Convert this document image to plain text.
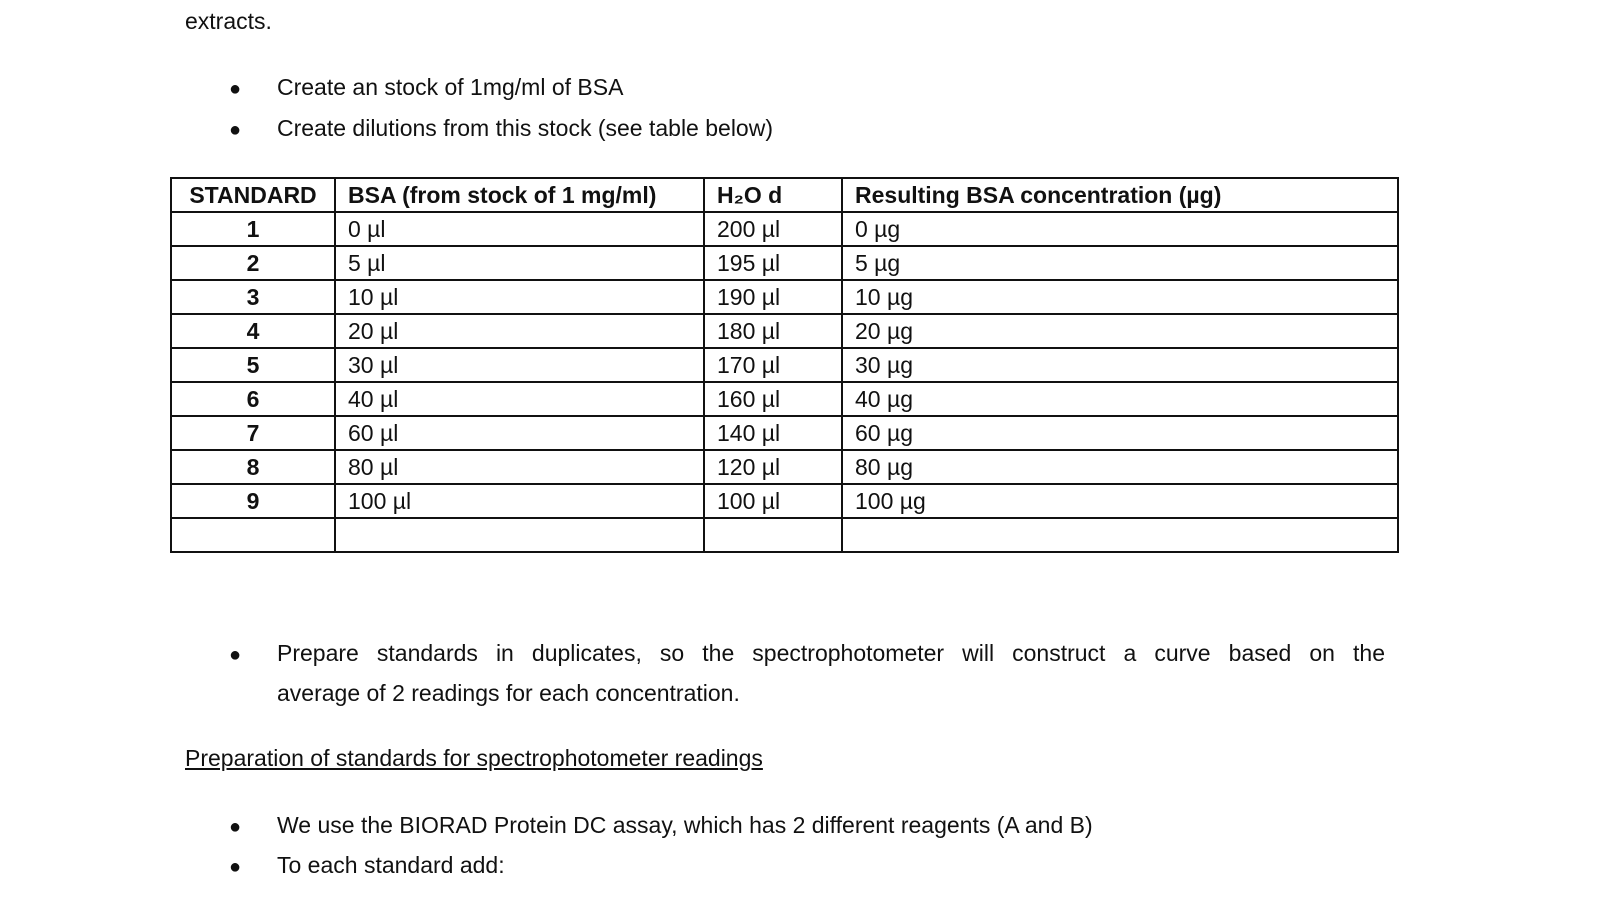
extracts.
● Create an stock of 1mg/ml of BSA
● Create dilutions from this stock (see table below)
STANDARD	BSA (from stock of 1 mg/ml)	H₂O d	Resulting BSA concentration (µg)
1	0 µl	200 µl	0 µg
2	5 µl	195 µl	5 µg
3	10 µl	190 µl	10 µg
4	20 µl	180 µl	20 µg
5	30 µl	170 µl	30 µg
6	40 µl	160 µl	40 µg
7	60 µl	140 µl	60 µg
8	80 µl	120 µl	80 µg
9	100 µl	100 µl	100 µg

● Prepare standards in duplicates, so the spectrophotometer will construct a curve based on the
average of 2 readings for each concentration.
Preparation of standards for spectrophotometer readings
● We use the BIORAD Protein DC assay, which has 2 different reagents (A and B)
● To each standard add:
